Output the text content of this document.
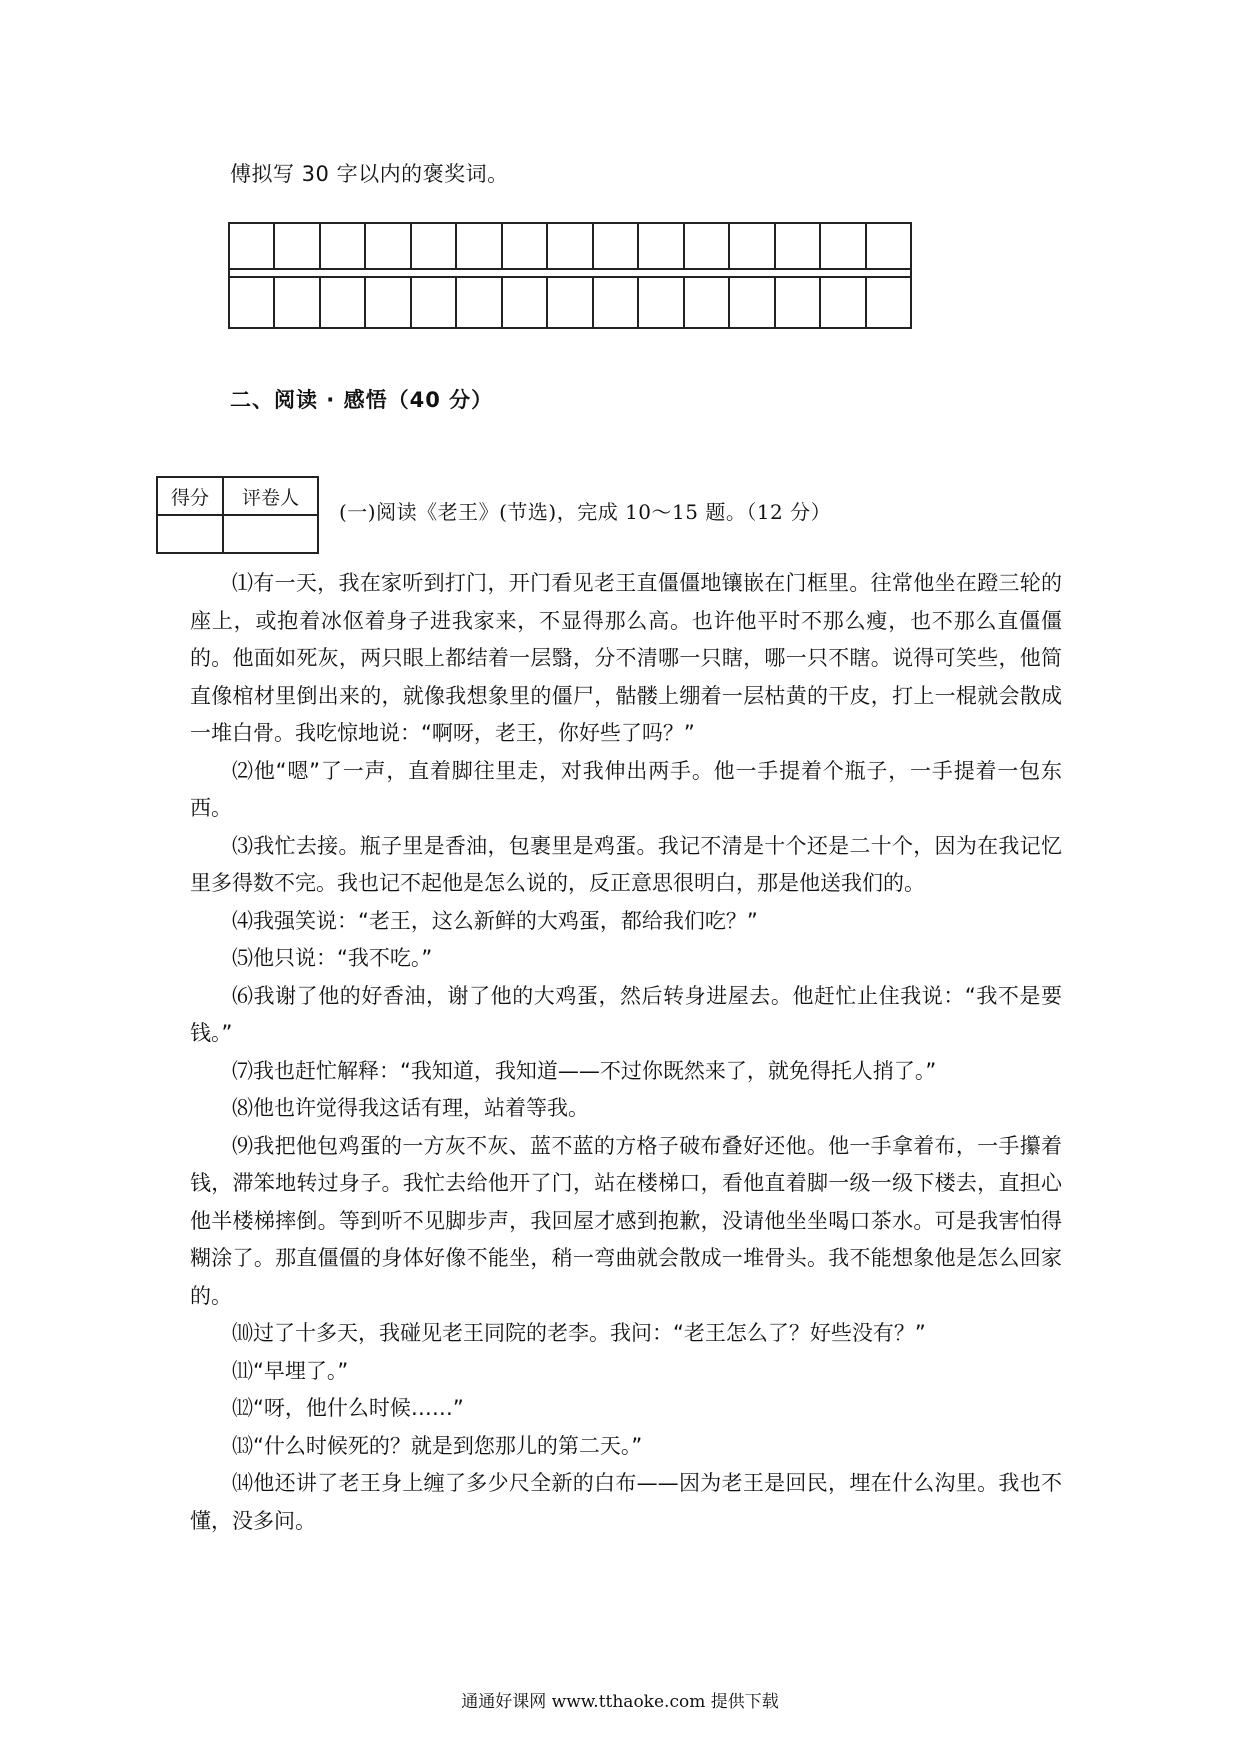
傅拟写 30 字以内的褒奖词。
二、阅读 · 感悟（40 分）
得分	评卷人

(一)阅读《老王》(节选)，完成 10～15 题。（12 分）

⑴有一天，我在家听到打门，开门看见老王直僵僵地镶嵌在门框里。往常他坐在蹬三轮的座上，或抱着冰伛着身子进我家来，不显得那么高。也许他平时不那么瘦，也不那么直僵僵的。他面如死灰，两只眼上都结着一层翳，分不清哪一只瞎，哪一只不瞎。说得可笑些，他简直像棺材里倒出来的，就像我想象里的僵尸，骷髅上绷着一层枯黄的干皮，打上一棍就会散成一堆白骨。我吃惊地说：“啊呀，老王，你好些了吗？”

⑵他“嗯”了一声，直着脚往里走，对我伸出两手。他一手提着个瓶子，一手提着一包东西。

⑶我忙去接。瓶子里是香油，包裹里是鸡蛋。我记不清是十个还是二十个，因为在我记忆里多得数不完。我也记不起他是怎么说的，反正意思很明白，那是他送我们的。

⑷我强笑说：“老王，这么新鲜的大鸡蛋，都给我们吃？”

⑸他只说：“我不吃。”

⑹我谢了他的好香油，谢了他的大鸡蛋，然后转身进屋去。他赶忙止住我说：“我不是要钱。”

⑺我也赶忙解释：“我知道，我知道——不过你既然来了，就免得托人捎了。”

⑻他也许觉得我这话有理，站着等我。

⑼我把他包鸡蛋的一方灰不灰、蓝不蓝的方格子破布叠好还他。他一手拿着布，一手攥着钱，滞笨地转过身子。我忙去给他开了门，站在楼梯口，看他直着脚一级一级下楼去，直担心他半楼梯摔倒。等到听不见脚步声，我回屋才感到抱歉，没请他坐坐喝口茶水。可是我害怕得糊涂了。那直僵僵的身体好像不能坐，稍一弯曲就会散成一堆骨头。我不能想象他是怎么回家的。

⑽过了十多天，我碰见老王同院的老李。我问：“老王怎么了？好些没有？”

⑾“早埋了。”

⑿“呀，他什么时候……”

⒀“什么时候死的？就是到您那儿的第二天。”

⒁他还讲了老王身上缠了多少尺全新的白布——因为老王是回民，埋在什么沟里。我也不懂，没多问。

通通好课网 www.tthaoke.com 提供下载
